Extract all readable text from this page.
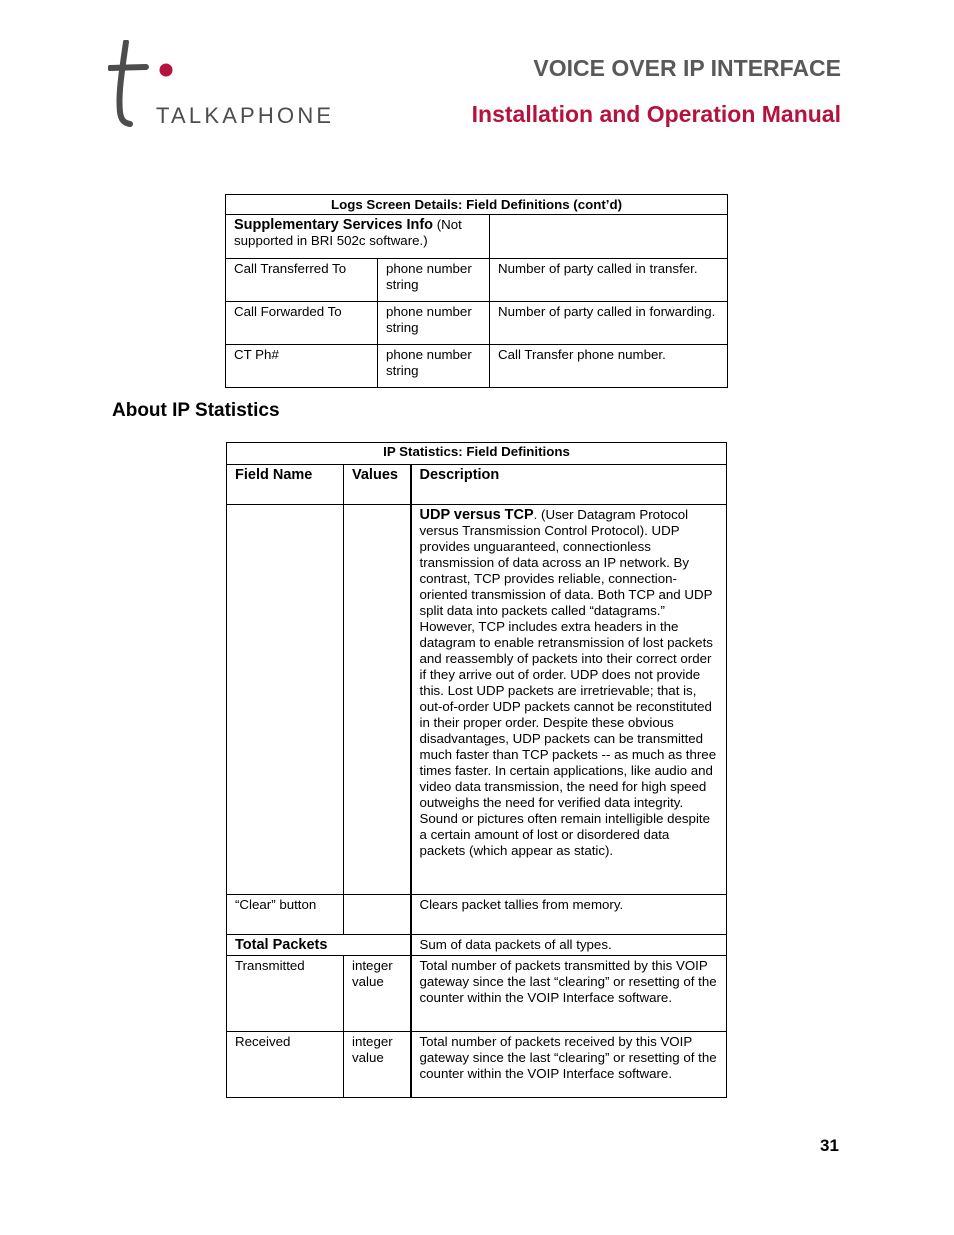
TALKAPHONE
VOICE OVER IP INTERFACE
Installation and Operation Manual
Logs Screen Details: Field Definitions (cont’d)		
Supplementary Services Info (Not supported in BRI 502c software.)		
Call Transferred To	phone number string	Number of party called in transfer.
Call Forwarded To	phone number string	Number of party called in forwarding.
CT Ph#	phone number string	Call Transfer phone number.
About IP Statistics
IP Statistics: Field Definitions		
Field Name	Values	Description
		UDP versus TCP. (User Datagram Protocol versus Transmission Control Protocol). UDP provides unguaranteed, connectionless transmission of data across an IP network. By contrast, TCP provides reliable, connection-oriented transmission of data. Both TCP and UDP split data into packets called “datagrams.” However, TCP includes extra headers in the datagram to enable retransmission of lost packets and reassembly of packets into their correct order if they arrive out of order. UDP does not provide this. Lost UDP packets are irretrievable; that is, out-of-order UDP packets cannot be reconstituted in their proper order. Despite these obvious disadvantages, UDP packets can be transmitted much faster than TCP packets -- as much as three times faster. In certain applications, like audio and video data transmission, the need for high speed outweighs the need for verified data integrity. Sound or pictures often remain intelligible despite a certain amount of lost or disordered data packets (which appear as static).
“Clear” button		Clears packet tallies from memory.
Total Packets		Sum of data packets of all types.
Transmitted	integer value	Total number of packets transmitted by this VOIP gateway since the last “clearing” or resetting of the counter within the VOIP Interface software.
Received	integer value	Total number of packets received by this VOIP gateway since the last “clearing” or resetting of the counter within the VOIP Interface software.
31
